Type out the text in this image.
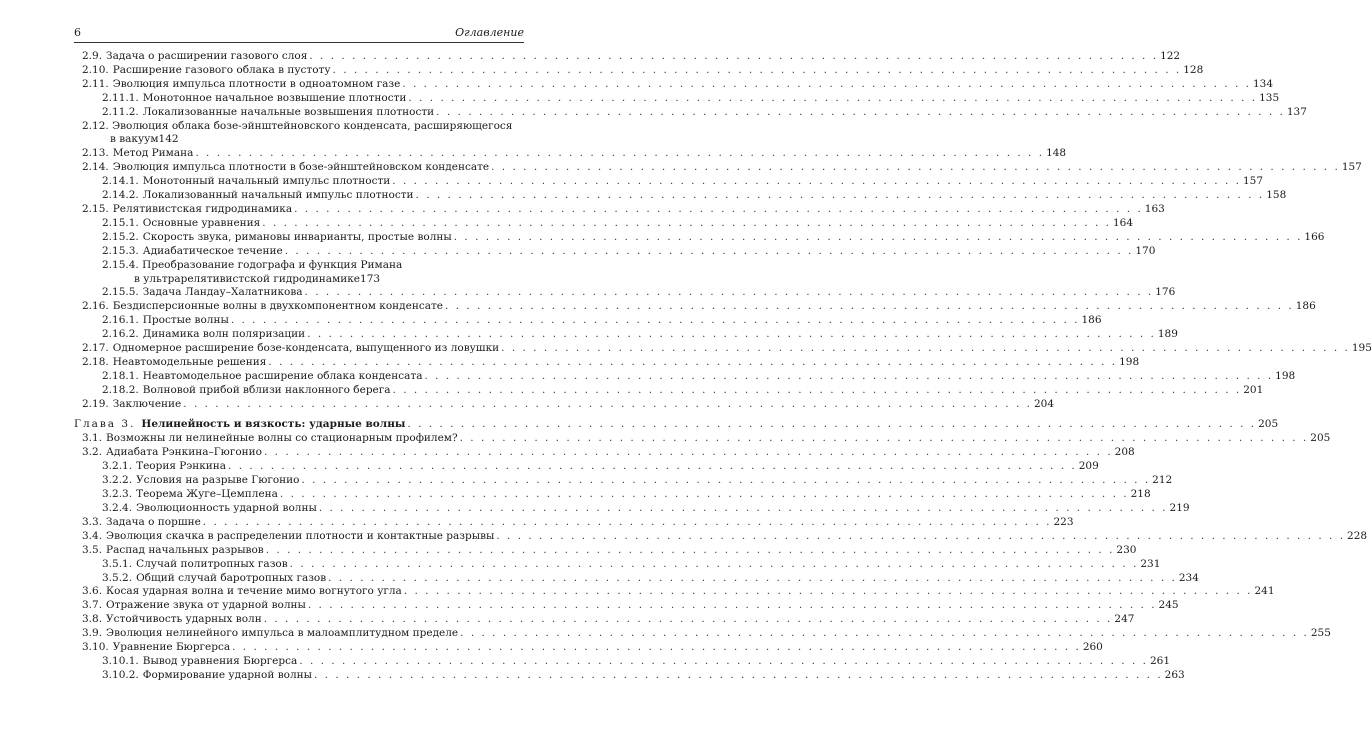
6	Оглавление
2.9. Задача о расширении газового слоя . . .	122
2.10. Расширение газового облака в пустоту . . .	128
2.11. Эволюция импульса плотности в одноатомном газе . . .	134
2.11.1. Монотонное начальное возвышение плотности . . .	135
2.11.2. Локализованные начальные возвышения плотности . . .	137
2.12. Эволюция облака бозе-эйнштейновского конденсата, расширяющегося
в вакуум 142
2.13. Метод Римана . . .	148
2.14. Эволюция импульса плотности в бозе-эйнштейновском конденсате . . .	157
2.14.1. Монотонный начальный импульс плотности . . .	157
2.14.2. Локализованный начальный импульс плотности . . .	158
2.15. Релятивистская гидродинамика . . .	163
2.15.1. Основные уравнения . . .	164
2.15.2. Скорость звука, римановы инварианты, простые волны . . .	166
2.15.3. Адиабатическое течение . . .	170
2.15.4. Преобразование годографа и функция Римана
в ультрарелятивистской гидродинамике 173
2.15.5. Задача Ландау–Халатникова . . .	176
2.16. Бездисперсионные волны в двухкомпонентном конденсате . . .	186
2.16.1. Простые волны . . .	186
2.16.2. Динамика волн поляризации . . .	189
2.17. Одномерное расширение бозе-конденсата, выпущенного из ловушки . . .	195
2.18. Неавтомодельные решения . . .	198
2.18.1. Неавтомодельное расширение облака конденсата . . .	198
2.18.2. Волновой прибой вблизи наклонного берега . . .	201
2.19. Заключение . . .	204
Глава 3. Нелинейность и вязкость: ударные волны . . .	205
3.1. Возможны ли нелинейные волны со стационарным профилем? . . .	205
3.2. Адиабата Рэнкина–Гюгонио . . .	208
3.2.1. Теория Рэнкина . . .	209
3.2.2. Условия на разрыве Гюгонио . . .	212
3.2.3. Теорема Жуге–Цемплена . . .	218
3.2.4. Эволюционность ударной волны . . .	219
3.3. Задача о поршне . . .	223
3.4. Эволюция скачка в распределении плотности и контактные разрывы . . .	228
3.5. Распад начальных разрывов . . .	230
3.5.1. Случай политропных газов . . .	231
3.5.2. Общий случай баротропных газов . . .	234
3.6. Косая ударная волна и течение мимо вогнутого угла . . .	241
3.7. Отражение звука от ударной волны . . .	245
3.8. Устойчивость ударных волн . . .	247
3.9. Эволюция нелинейного импульса в малоамплитудном пределе . . .	255
3.10. Уравнение Бюргерса . . .	260
3.10.1. Вывод уравнения Бюргерса . . .	261
3.10.2. Формирование ударной волны . . .	263
